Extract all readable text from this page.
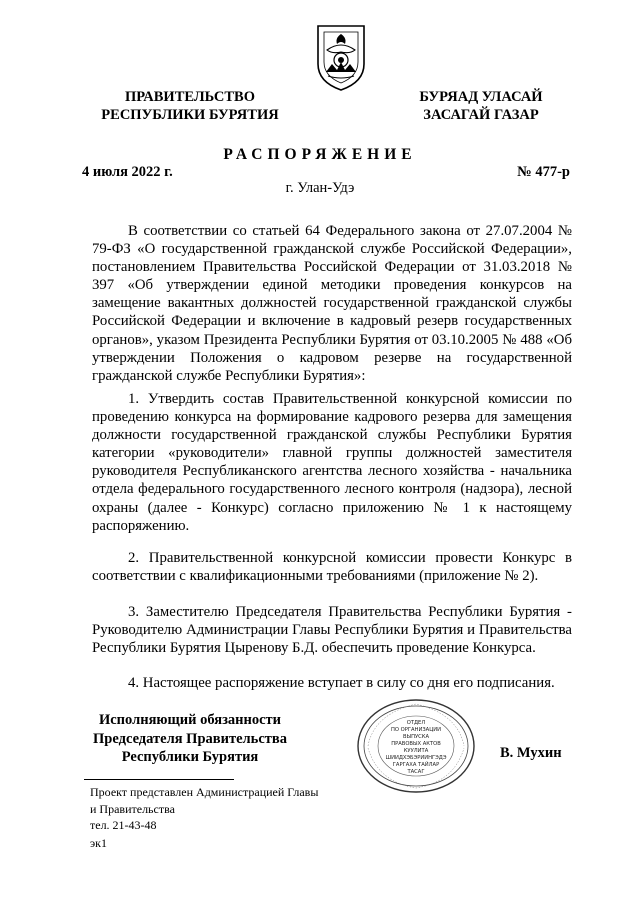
ПРАВИТЕЛЬСТВО
РЕСПУБЛИКИ БУРЯТИЯ
БУРЯАД УЛАСАЙ
ЗАСАГАЙ ГАЗАР
РАСПОРЯЖЕНИЕ
4 июля 2022 г.	№ 477-р
г. Улан-Удэ

В соответствии со статьей 64 Федерального закона от 27.07.2004 № 79-ФЗ «О государственной гражданской службе Российской Федерации», постановлением Правительства Российской Федерации от 31.03.2018 № 397 «Об утверждении единой методики проведения конкурсов на замещение вакантных должностей государственной гражданской службы Российской Федерации и включение в кадровый резерв государственных органов», указом Президента Республики Бурятия от 03.10.2005 № 488 «Об утверждении Положения о кадровом резерве на государственной гражданской службе Республики Бурятия»:

1. Утвердить состав Правительственной конкурсной комиссии по проведению конкурса на формирование кадрового резерва для замещения должности государственной гражданской службы Республики Бурятия категории «руководители» главной группы должностей заместителя руководителя Республиканского агентства лесного хозяйства - начальника отдела федерального государственного лесного контроля (надзора), лесной охраны (далее - Конкурс) согласно приложению № 1 к настоящему распоряжению.

2. Правительственной конкурсной комиссии провести Конкурс в соответствии с квалификационными требованиями (приложение № 2).

3. Заместителю Председателя Правительства Республики Бурятия - Руководителю Администрации Главы Республики Бурятия и Правительства Республики Бурятия Цыренову Б.Д. обеспечить проведение Конкурса.

4. Настоящее распоряжение вступает в силу со дня его подписания.

Исполняющий обязанности
Председателя Правительства
Республики Бурятия
ОТДЕЛ
ПО ОРГАНИЗАЦИИ
ВЫПУСКА
ПРАВОВЫХ АКТОВ
КУУЛИТА
ШИИДХЭБЭРИИНГЭДЭ
ГАРГАХА ТАЙЛАР
ТАСАГ
В. Мухин
Проект представлен Администрацией Главы
и Правительства
тел. 21-43-48
эк1
